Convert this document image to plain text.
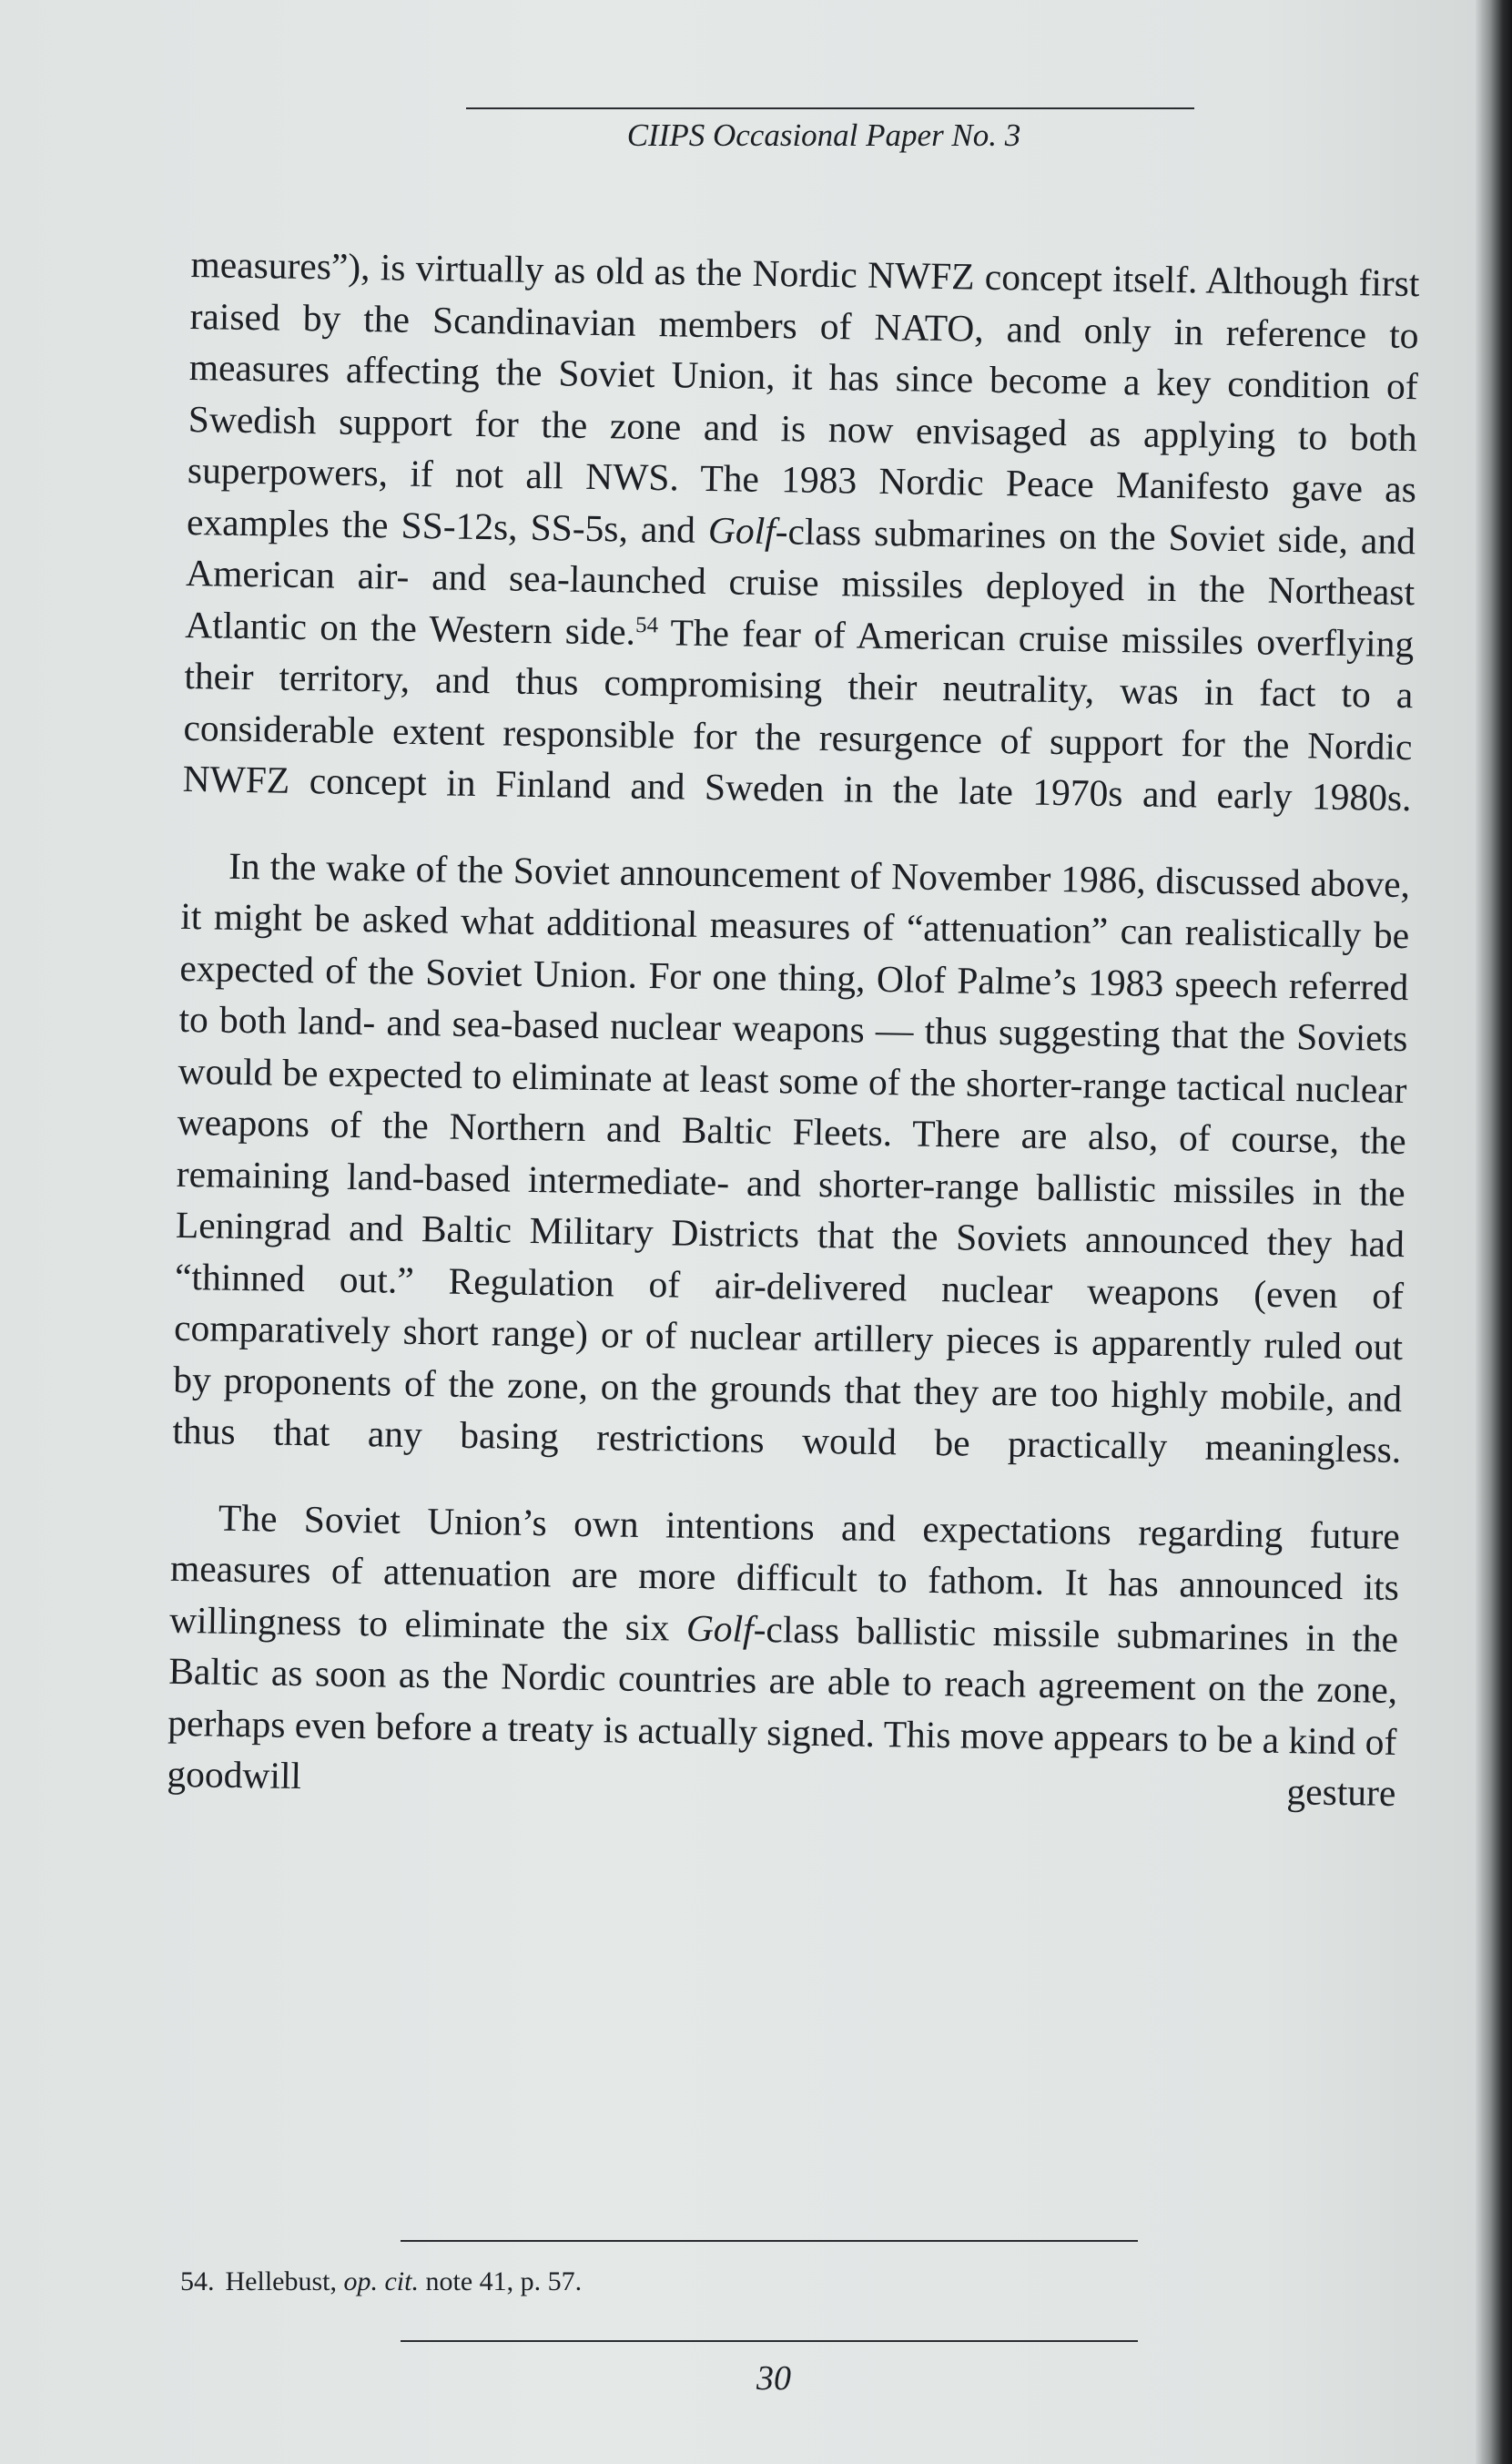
CIIPS Occasional Paper No. 3

measures”), is virtually as old as the Nordic NWFZ concept itself. Although first raised by the Scandinavian members of NATO, and only in reference to measures affecting the Soviet Union, it has since become a key condition of Swedish support for the zone and is now envisaged as applying to both superpowers, if not all NWS. The 1983 Nordic Peace Manifesto gave as examples the SS-12s, SS-5s, and Golf-class submarines on the Soviet side, and American air- and sea-launched cruise missiles deployed in the Northeast Atlantic on the Western side.$^{54}$ The fear of American cruise missiles overflying their territory, and thus compromising their neutrality, was in fact to a considerable extent responsible for the resurgence of support for the Nordic NWFZ concept in Finland and Sweden in the late 1970s and early 1980s.

In the wake of the Soviet announcement of November 1986, discussed above, it might be asked what additional measures of “attenuation” can realistically be expected of the Soviet Union. For one thing, Olof Palme’s 1983 speech referred to both land- and sea-based nuclear weapons — thus suggesting that the Soviets would be expected to eliminate at least some of the shorter-range tactical nuclear weapons of the Northern and Baltic Fleets. There are also, of course, the remaining land-based intermediate- and shorter-range ballistic missiles in the Leningrad and Baltic Military Districts that the Soviets announced they had “thinned out.” Regulation of air-delivered nuclear weapons (even of comparatively short range) or of nuclear artillery pieces is apparently ruled out by proponents of the zone, on the grounds that they are too highly mobile, and thus that any basing restrictions would be practically meaningless.

The Soviet Union’s own intentions and expectations regarding future measures of attenuation are more difficult to fathom. It has announced its willingness to eliminate the six Golf-class ballistic missile submarines in the Baltic as soon as the Nordic countries are able to reach agreement on the zone, perhaps even before a treaty is actually signed. This move appears to be a kind of goodwill gesture

54. Hellebust, op. cit. note 41, p. 57.

30
